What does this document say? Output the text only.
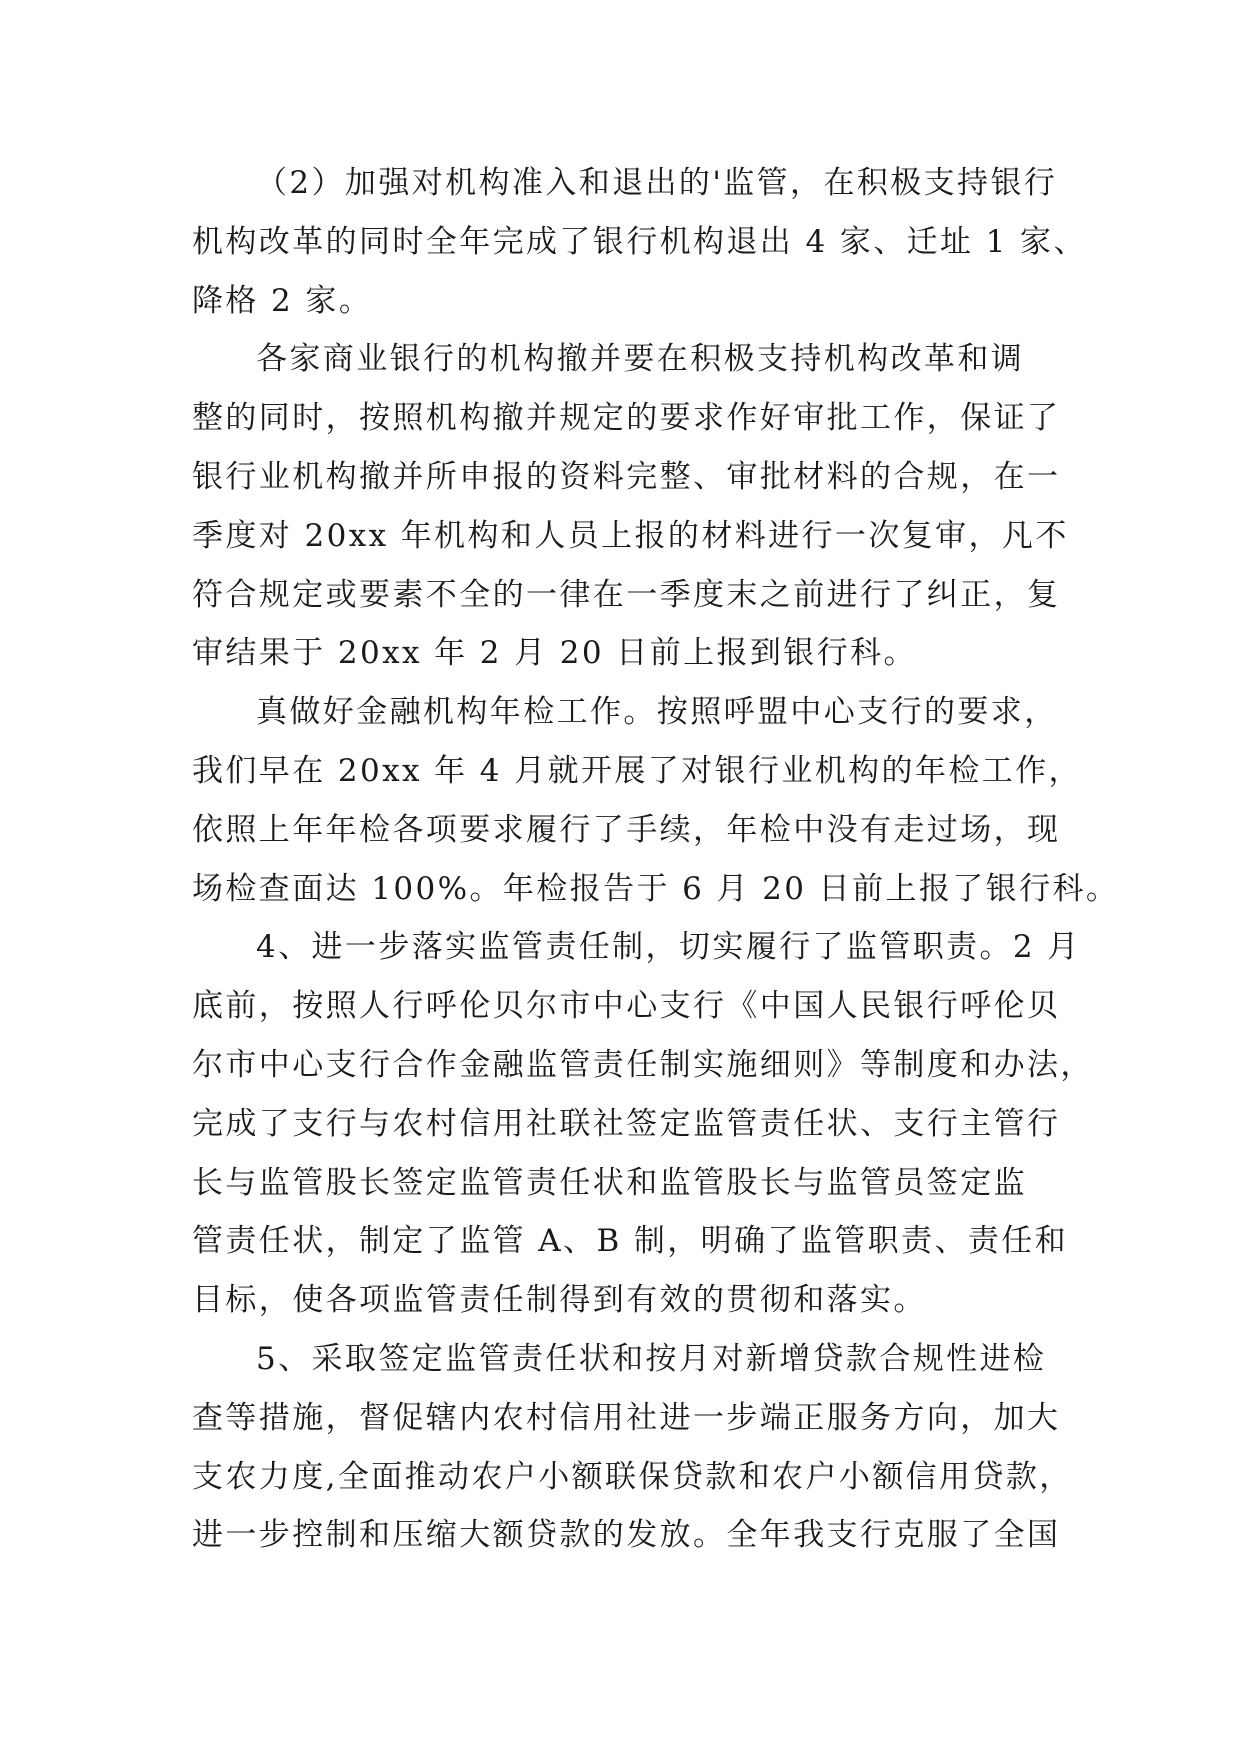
（2）加强对机构准入和退出的'监管，在积极支持银行
机构改革的同时全年完成了银行机构退出 4 家、迁址 1 家、
降格 2 家。
各家商业银行的机构撤并要在积极支持机构改革和调
整的同时，按照机构撤并规定的要求作好审批工作，保证了
银行业机构撤并所申报的资料完整、审批材料的合规，在一
季度对 20xx 年机构和人员上报的材料进行一次复审，凡不
符合规定或要素不全的一律在一季度末之前进行了纠正，复
审结果于 20xx 年 2 月 20 日前上报到银行科。
真做好金融机构年检工作。按照呼盟中心支行的要求，
我们早在 20xx 年 4 月就开展了对银行业机构的年检工作，
依照上年年检各项要求履行了手续，年检中没有走过场，现
场检查面达 100%。年检报告于 6 月 20 日前上报了银行科。
4、进一步落实监管责任制，切实履行了监管职责。2 月
底前，按照人行呼伦贝尔市中心支行《中国人民银行呼伦贝
尔市中心支行合作金融监管责任制实施细则》等制度和办法，
完成了支行与农村信用社联社签定监管责任状、支行主管行
长与监管股长签定监管责任状和监管股长与监管员签定监
管责任状，制定了监管 A、B 制，明确了监管职责、责任和
目标，使各项监管责任制得到有效的贯彻和落实。
5、采取签定监管责任状和按月对新增贷款合规性进检
查等措施，督促辖内农村信用社进一步端正服务方向，加大
支农力度,全面推动农户小额联保贷款和农户小额信用贷款，
进一步控制和压缩大额贷款的发放。全年我支行克服了全国
